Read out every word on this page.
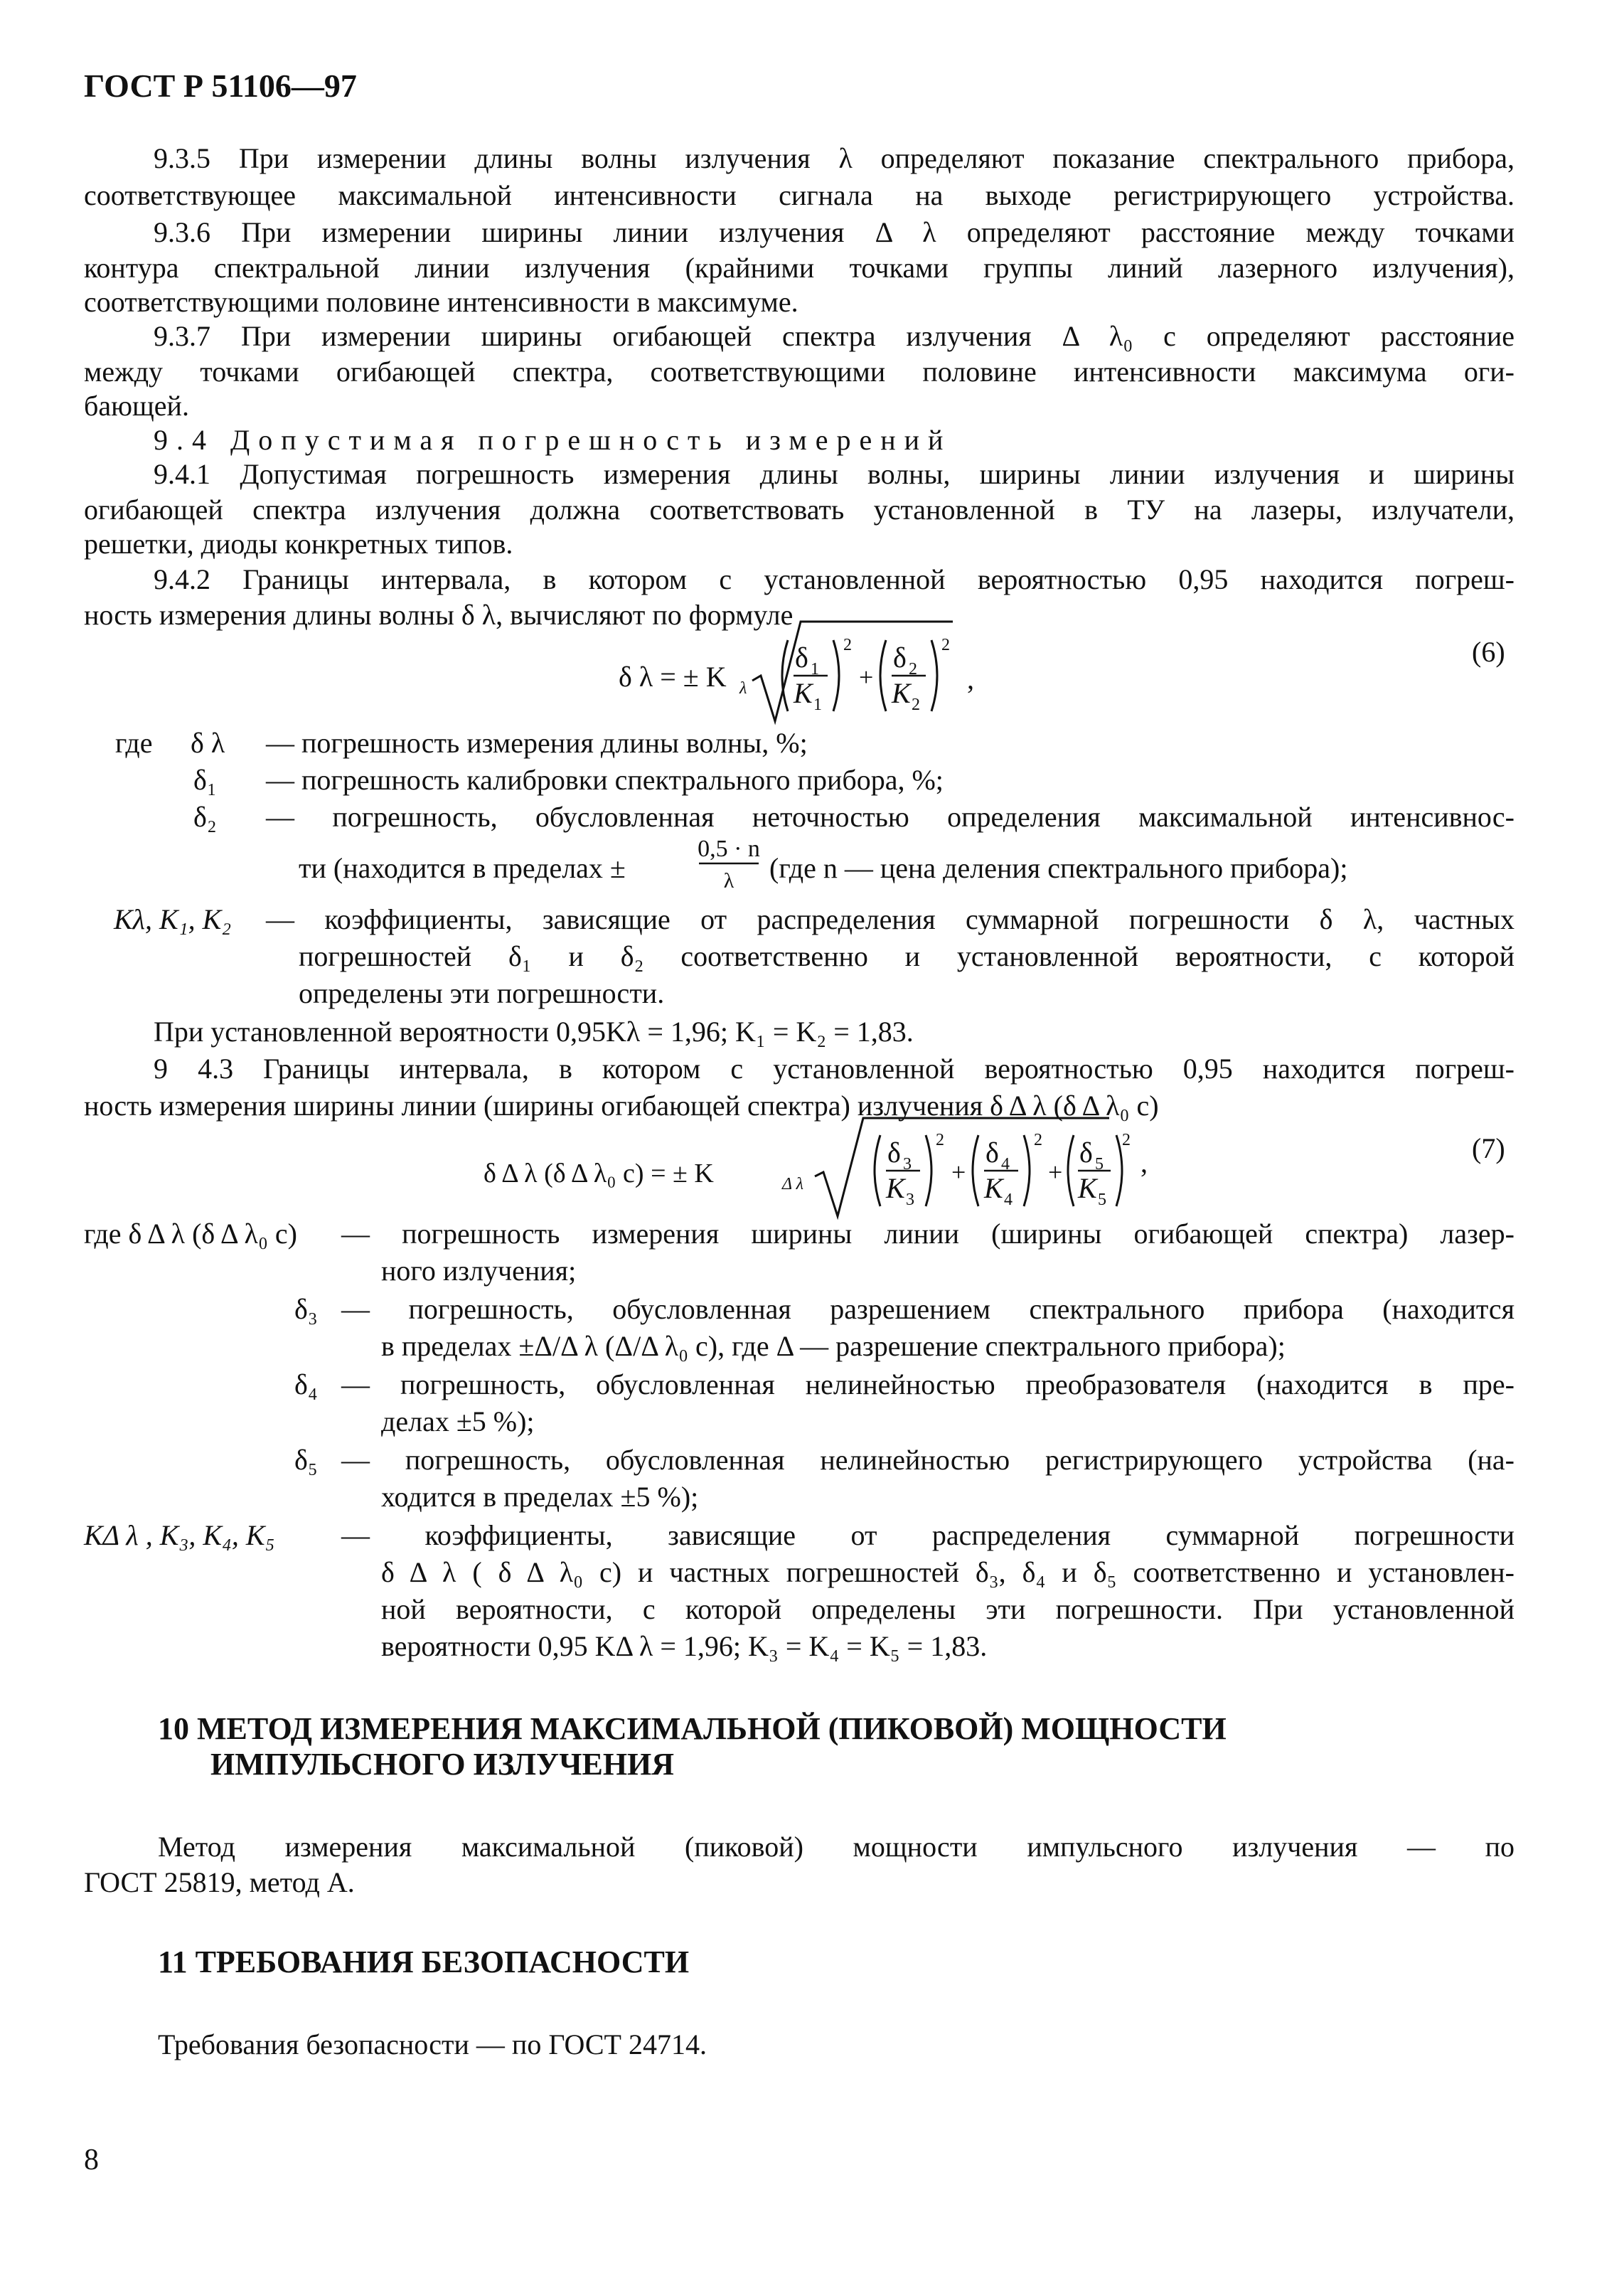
ГОСТ Р 51106—97
9.3.5 При измерении длины волны излучения λ определяют показание спектрального прибора,
соответствующее максимальной интенсивности сигнала на выходе регистрирующего устройства.
9.3.6 При измерении ширины линии излучения Δ λ определяют расстояние между точками
контура спектральной линии излучения (крайними точками группы линий лазерного излучения),
соответствующими половине интенсивности в максимуме.
9.3.7 При измерении ширины огибающей спектра излучения Δ λ₀ с определяют расстояние
между точками огибающей спектра, соответствующими половине интенсивности максимума оги-
бающей.
9.4 Допустимая погрешность измерений
9.4.1 Допустимая погрешность измерения длины волны, ширины линии излучения и ширины
огибающей спектра излучения должна соответствовать установленной в ТУ на лазеры, излучатели,
решетки, диоды конкретных типов.
9.4.2 Границы интервала, в котором с установленной вероятностью 0,95 находится погреш-
ность измерения длины волны δ λ, вычисляют по формуле
δ λ = ± K λ
δ 1
K 1
2
+
δ 2
K 2
2
,
(6)
где δ λ — погрешность измерения длины волны, %;
δ₁ — погрешность калибровки спектрального прибора, %;
δ₂ — погрешность, обусловленная неточностью определения максимальной интенсивнос-
ти (находится в пределах ±
0,5 · n
λ (где n — цена деления спектрального прибора);
Kλ, K₁, K₂ — коэффициенты, зависящие от распределения суммарной погрешности δ λ, частных
погрешностей δ₁ и δ₂ соответственно и установленной вероятности, с которой
определены эти погрешности.
При установленной вероятности 0,95Kλ = 1,96; K₁ = K₂ = 1,83.
9 4.3 Границы интервала, в котором с установленной вероятностью 0,95 находится погреш-
ность измерения ширины линии (ширины огибающей спектра) излучения δ Δ λ (δ Δ λ₀ с)
δ Δ λ (δ Δ λ₀ с) = ± K	Δ λ
δ 3
K 3
2
+
δ 4
K 4
2
+
δ 5
K 5
2
,	(7)
где δ Δ λ (δ Δ λ₀ с) — погрешность измерения ширины линии (ширины огибающей спектра) лазер-
ного излучения;
δ₃ — погрешность, обусловленная разрешением спектрального прибора (находится
в пределах ±Δ/Δ λ (Δ/Δ λ₀ с), где Δ — разрешение спектрального прибора);
δ₄ — погрешность, обусловленная нелинейностью преобразователя (находится в пре-
делах ±5 %);
δ₅ — погрешность, обусловленная нелинейностью регистрирующего устройства (на-
ходится в пределах ±5 %);
KΔ λ , K₃, K₄, K₅ — коэффициенты, зависящие от распределения суммарной погрешности
δ Δ λ ( δ Δ λ₀ с) и частных погрешностей δ₃, δ₄ и δ₅ соответственно и установлен-
ной вероятности, с которой определены эти погрешности. При установленной
вероятности 0,95 KΔ λ = 1,96; K₃ = K₄ = K₅ = 1,83.
10 МЕТОД ИЗМЕРЕНИЯ МАКСИМАЛЬНОЙ (ПИКОВОЙ) МОЩНОСТИ
ИМПУЛЬСНОГО ИЗЛУЧЕНИЯ
Метод измерения максимальной (пиковой) мощности импульсного излучения — по
ГОСТ 25819, метод А.
11 ТРЕБОВАНИЯ БЕЗОПАСНОСТИ
Требования безопасности — по ГОСТ 24714.
8
